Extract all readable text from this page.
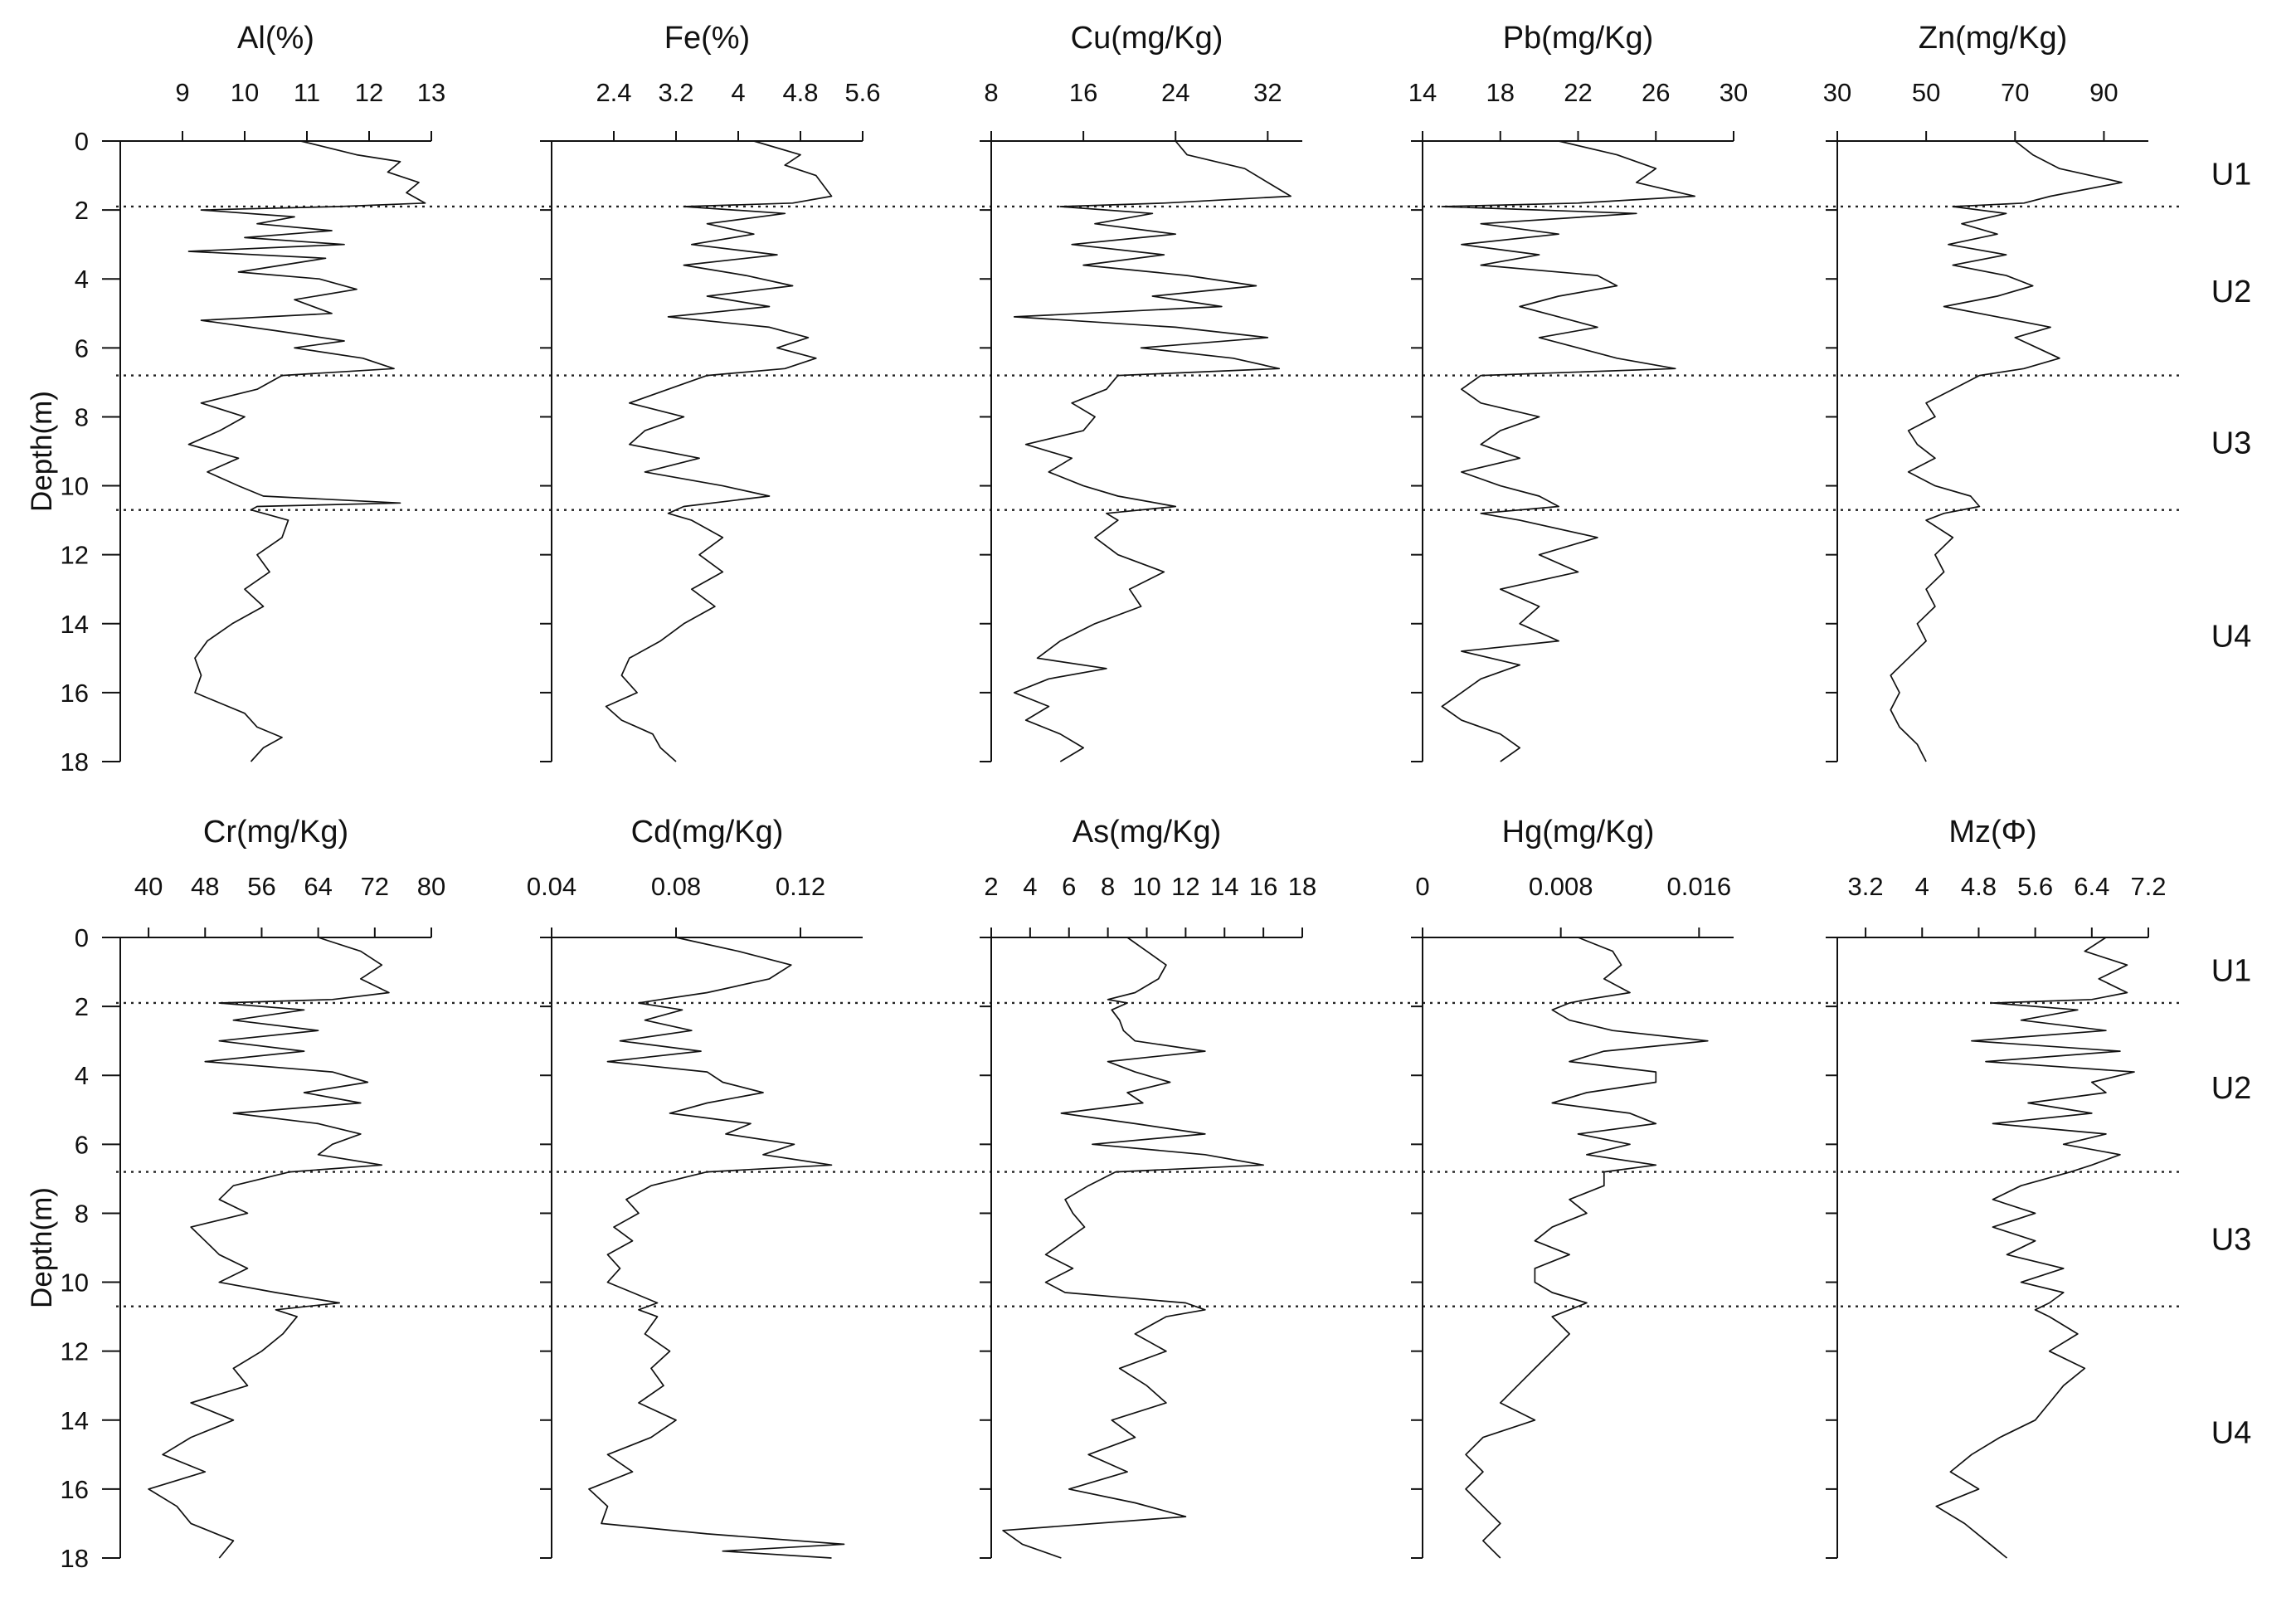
Al(%)
9 10 11 12 13
0
2
4
6
8
10
12
14
16
18
Depth(m)
Fe(%)
2.4 3.2 4 4.8 5.6
Cu(mg/Kg)
8	16 24 32
Pb(mg/Kg)
14 18 22 26 30
Zn(mg/Kg)
30 50 70 90
Cr(mg/Kg)
40 48 56 64 72 80
0
2
4
6
8
10
12
14
16
18
Depth(m)
Cd(mg/Kg)
0.04	0.08	0.12
As(mg/Kg)
2 4 6 8 10 12 14 16 18
Hg(mg/Kg)
0	0.008	0.016
Mz(Φ)
3.2 4 4.8 5.6 6.4 7.2
U1
U2
U3
U4
U1
U2
U3
U4
